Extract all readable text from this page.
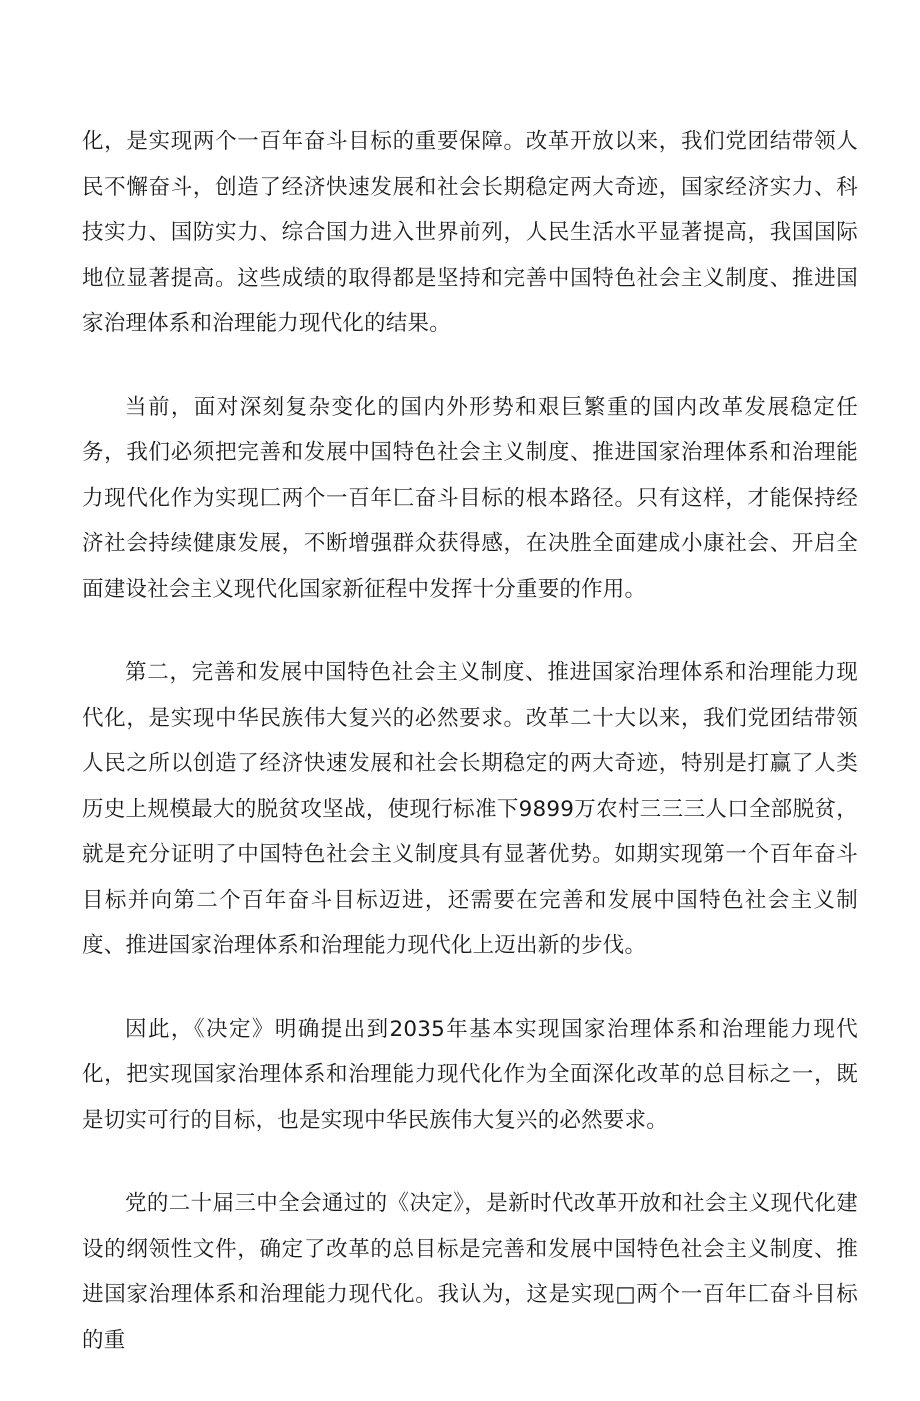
化，是实现两个一百年奋斗目标的重要保障。改革开放以来，我们党团结带领人民不懈奋斗，创造了经济快速发展和社会长期稳定两大奇迹，国家经济实力、科技实力、国防实力、综合国力进入世界前列，人民生活水平显著提高，我国国际地位显著提高。这些成绩的取得都是坚持和完善中国特色社会主义制度、推进国家治理体系和治理能力现代化的结果。

当前，面对深刻复杂变化的国内外形势和艰巨繁重的国内改革发展稳定任务，我们必须把完善和发展中国特色社会主义制度、推进国家治理体系和治理能力现代化作为实现匚两个一百年匚奋斗目标的根本路径。只有这样，才能保持经济社会持续健康发展，不断增强群众获得感，在决胜全面建成小康社会、开启全面建设社会主义现代化国家新征程中发挥十分重要的作用。

第二，完善和发展中国特色社会主义制度、推进国家治理体系和治理能力现代化，是实现中华民族伟大复兴的必然要求。改革二十大以来，我们党团结带领人民之所以创造了经济快速发展和社会长期稳定的两大奇迹，特别是打赢了人类历史上规模最大的脱贫攻坚战，使现行标准下9899万农村三三三人口全部脱贫，就是充分证明了中国特色社会主义制度具有显著优势。如期实现第一个百年奋斗目标并向第二个百年奋斗目标迈进，还需要在完善和发展中国特色社会主义制度、推进国家治理体系和治理能力现代化上迈出新的步伐。

因此，《决定》明确提出到2035年基本实现国家治理体系和治理能力现代化，把实现国家治理体系和治理能力现代化作为全面深化改革的总目标之一，既是切实可行的目标，也是实现中华民族伟大复兴的必然要求。

党的二十届三中全会通过的《决定》，是新时代改革开放和社会主义现代化建设的纲领性文件，确定了改革的总目标是完善和发展中国特色社会主义制度、推进国家治理体系和治理能力现代化。我认为，这是实现□两个一百年匚奋斗目标的重
